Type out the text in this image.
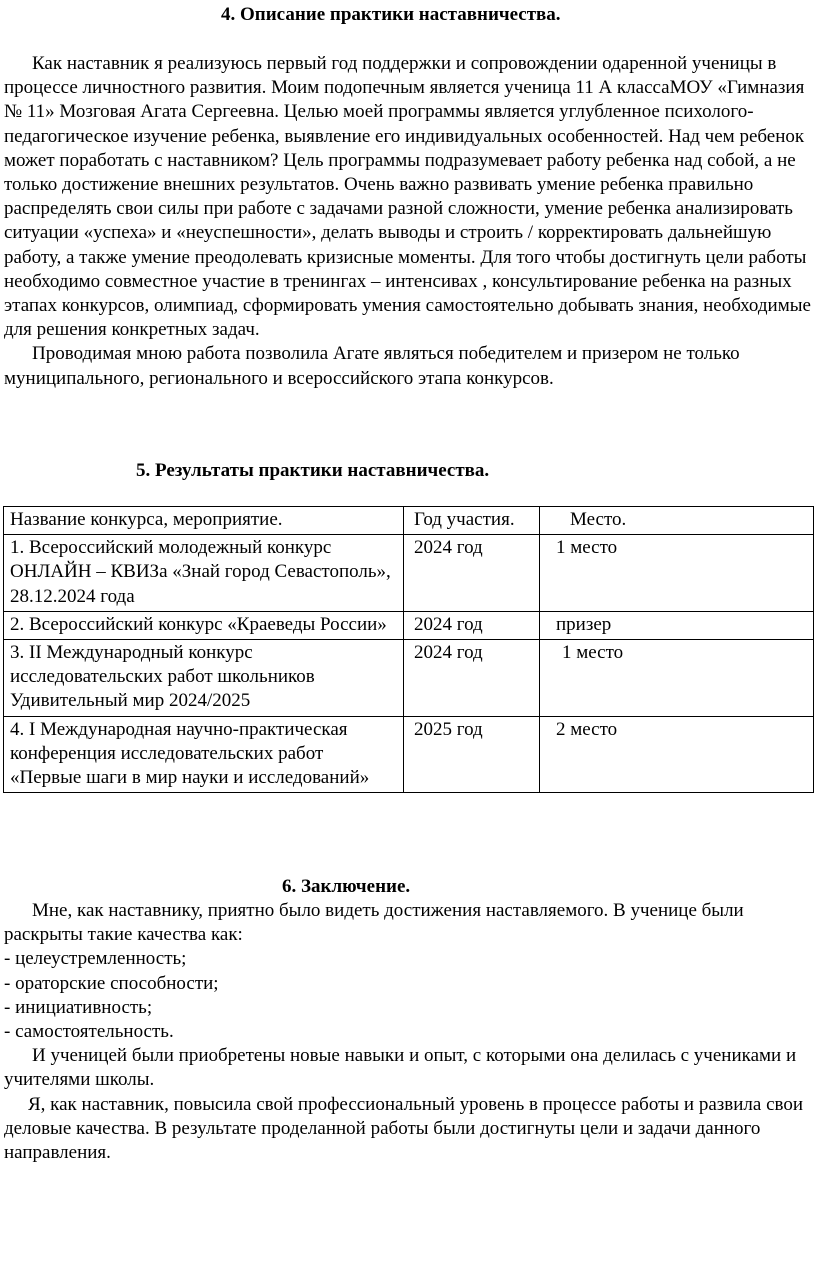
4. Описание практики наставничества.

Как наставник я реализуюсь первый год поддержки и сопровождении одаренной ученицы в процессе личностного развития. Моим подопечным является ученица 11 А классаМОУ «Гимназия № 11» Мозговая Агата Сергеевна. Целью моей программы является углубленное психолого-педагогическое изучение ребенка, выявление его индивидуальных особенностей. Над чем ребенок может поработать с наставником? Цель программы подразумевает работу ребенка над собой, а не только достижение внешних результатов. Очень важно развивать умение ребенка правильно распределять свои силы при работе с задачами разной сложности, умение ребенка анализировать ситуации «успеха» и «неуспешности», делать выводы и строить / корректировать дальнейшую работу, а также умение преодолевать кризисные моменты. Для того чтобы достигнуть цели работы необходимо совместное участие в тренингах – интенсивах , консультирование ребенка на разных этапах конкурсов, олимпиад, сформировать умения самостоятельно добывать знания, необходимые для решения конкретных задач.

Проводимая мною работа позволила Агате являться победителем и призером не только муниципального, регионального и всероссийского этапа конкурсов.

5. Результаты практики наставничества.
Название конкурса, мероприятие.	Год участия.	Место.
1. Всероссийский молодежный конкурс ОНЛАЙН – КВИЗа «Знай город Севастополь», 28.12.2024 года	2024 год	1 место
2. Всероссийский конкурс «Краеведы России»	2024 год	призер
3. II Международный конкурс исследовательских работ школьников Удивительный мир 2024/2025	2024 год	1 место
4. I Международная научно-практическая конференция исследовательских работ «Первые шаги в мир науки и исследований»	2025 год	2 место
6. Заключение.

Мне, как наставнику, приятно было видеть достижения наставляемого. В ученице были раскрыты такие качества как:

- целеустремленность;

- ораторские способности;

- инициативность;

- самостоятельность.

И ученицей были приобретены новые навыки и опыт, с которыми она делилась с учениками и учителями школы.

Я, как наставник, повысила свой профессиональный уровень в процессе работы и развила свои деловые качества. В результате проделанной работы были достигнуты цели и задачи данного направления.
